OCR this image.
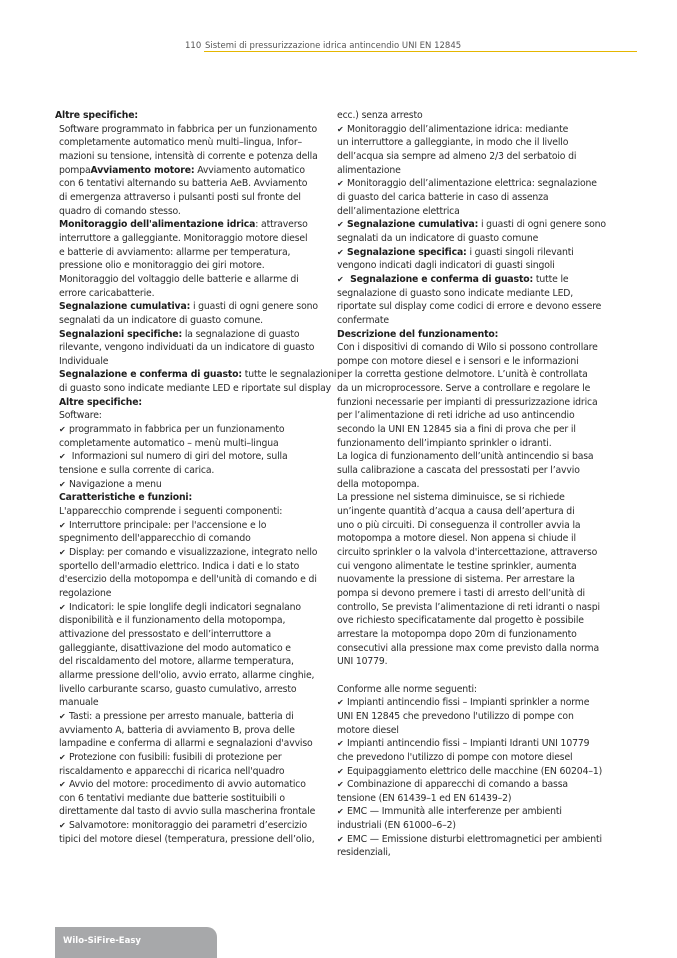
110 Sistemi di pressurizzazione idrica antincendio UNI EN 12845
Altre specifiche:
Software programmato in fabbrica per un funzionamento
completamente automatico menù multi–lingua, Infor–
mazioni su tensione, intensità di corrente e potenza della
pompaAvviamento motore: Avviamento automatico
con 6 tentativi alternando su batteria AeB. Avviamento
di emergenza attraverso i pulsanti posti sul fronte del
quadro di comando stesso.
Monitoraggio dell'alimentazione idrica: attraverso
interruttore a galleggiante. Monitoraggio motore diesel
e batterie di avviamento: allarme per temperatura,
pressione olio e monitoraggio dei giri motore.
Monitoraggio del voltaggio delle batterie e allarme di
errore caricabatterie.
Segnalazione cumulativa: i guasti di ogni genere sono
segnalati da un indicatore di guasto comune.
Segnalazioni specifiche: la segnalazione di guasto
rilevante, vengono individuati da un indicatore di guasto
Individuale
Segnalazione e conferma di guasto: tutte le segnalazioni
di guasto sono indicate mediante LED e riportate sul display
Altre specifiche:
Software:
✔ programmato in fabbrica per un funzionamento
completamente automatico – menù multi–lingua
✔ Informazioni sul numero di giri del motore, sulla
tensione e sulla corrente di carica.
✔ Navigazione a menu
Caratteristiche e funzioni:
L'apparecchio comprende i seguenti componenti:
✔ Interruttore principale: per l'accensione e lo
spegnimento dell'apparecchio di comando
✔ Display: per comando e visualizzazione, integrato nello
sportello dell'armadio elettrico. Indica i dati e lo stato
d'esercizio della motopompa e dell'unità di comando e di
regolazione
✔ Indicatori: le spie longlife degli indicatori segnalano
disponibilità e il funzionamento della motopompa,
attivazione del pressostato e dell’interruttore a
galleggiante, disattivazione del modo automatico e
del riscaldamento del motore, allarme temperatura,
allarme pressione dell'olio, avvio errato, allarme cinghie,
livello carburante scarso, guasto cumulativo, arresto
manuale
✔ Tasti: a pressione per arresto manuale, batteria di
avviamento A, batteria di avviamento B, prova delle
lampadine e conferma di allarmi e segnalazioni d'avviso
✔ Protezione con fusibili: fusibili di protezione per
riscaldamento e apparecchi di ricarica nell'quadro
✔ Avvio del motore: procedimento di avvio automatico
con 6 tentativi mediante due batterie sostituibili o
direttamente dal tasto di avvio sulla mascherina frontale
✔ Salvamotore: monitoraggio dei parametri d’esercizio
tipici del motore diesel (temperatura, pressione dell’olio,
ecc.) senza arresto
✔ Monitoraggio dell’alimentazione idrica: mediante
un interruttore a galleggiante, in modo che il livello
dell’acqua sia sempre ad almeno 2/3 del serbatoio di
alimentazione
✔ Monitoraggio dell’alimentazione elettrica: segnalazione
di guasto del carica batterie in caso di assenza
dell’alimentazione elettrica
✔ Segnalazione cumulativa: i guasti di ogni genere sono
segnalati da un indicatore di guasto comune
✔ Segnalazione specifica: i guasti singoli rilevanti
vengono indicati dagli indicatori di guasti singoli
✔ Segnalazione e conferma di guasto: tutte le
segnalazione di guasto sono indicate mediante LED,
riportate sul display come codici di errore e devono essere
confermate
Descrizione del funzionamento:
Con i dispositivi di comando di Wilo si possono controllare
pompe con motore diesel e i sensori e le informazioni
per la corretta gestione delmotore. L’unità è controllata
da un microprocessore. Serve a controllare e regolare le
funzioni necessarie per impianti di pressurizzazione idrica
per l’alimentazione di reti idriche ad uso antincendio
secondo la UNI EN 12845 sia a fini di prova che per il
funzionamento dell’impianto sprinkler o idranti.
La logica di funzionamento dell’unità antincendio si basa
sulla calibrazione a cascata del pressostati per l’avvio
della motopompa.
La pressione nel sistema diminuisce, se si richiede
un’ingente quantità d’acqua a causa dell’apertura di
uno o più circuiti. Di conseguenza il controller avvia la
motopompa a motore diesel. Non appena si chiude il
circuito sprinkler o la valvola d'intercettazione, attraverso
cui vengono alimentate le testine sprinkler, aumenta
nuovamente la pressione di sistema. Per arrestare la
pompa si devono premere i tasti di arresto dell’unità di
controllo, Se prevista l’alimentazione di reti idranti o naspi
ove richiesto specificatamente dal progetto è possibile
arrestare la motopompa dopo 20m di funzionamento
consecutivi alla pressione max come previsto dalla norma
UNI 10779.
Conforme alle norme seguenti:
✔ Impianti antincendio fissi – Impianti sprinkler a norme
UNI EN 12845 che prevedono l'utilizzo di pompe con
motore diesel
✔ Impianti antincendio fissi – Impianti Idranti UNI 10779
che prevedono l'utilizzo di pompe con motore diesel
✔ Equipaggiamento elettrico delle macchine (EN 60204–1)
✔ Combinazione di apparecchi di comando a bassa
tensione (EN 61439–1 ed EN 61439–2)
✔ EMC — Immunità alle interferenze per ambienti
industriali (EN 61000–6–2)
✔ EMC — Emissione disturbi elettromagnetici per ambienti
residenziali,
Wilo-SiFire-Easy
